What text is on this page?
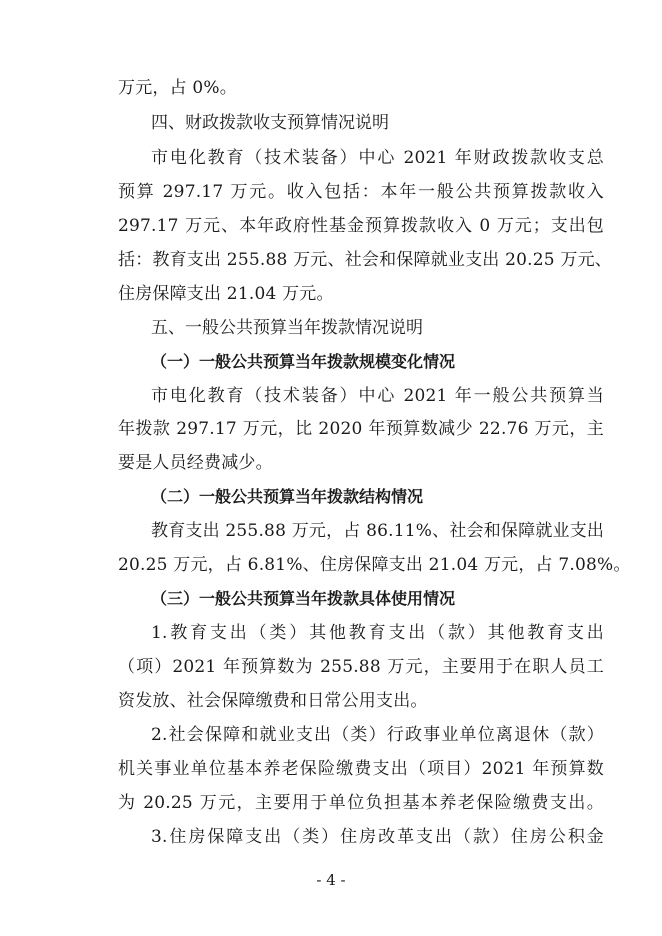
万元，占 0%。
四、财政拨款收支预算情况说明
市电化教育（技术装备）中心 2021 年财政拨款收支总
预算 297.17 万元。收入包括：本年一般公共预算拨款收入
297.17 万元、本年政府性基金预算拨款收入 0 万元；支出包
括：教育支出 255.88 万元、社会和保障就业支出 20.25 万元、
住房保障支出 21.04 万元。
五、一般公共预算当年拨款情况说明
（一）一般公共预算当年拨款规模变化情况
市电化教育（技术装备）中心 2021 年一般公共预算当
年拨款 297.17 万元，比 2020 年预算数减少 22.76 万元，主
要是人员经费减少。
（二）一般公共预算当年拨款结构情况
教育支出 255.88 万元，占 86.11%、社会和保障就业支出
20.25 万元，占 6.81%、住房保障支出 21.04 万元，占 7.08%。
（三）一般公共预算当年拨款具体使用情况
1.教育支出（类）其他教育支出（款）其他教育支出
（项）2021 年预算数为 255.88 万元，主要用于在职人员工
资发放、社会保障缴费和日常公用支出。
2.社会保障和就业支出（类）行政事业单位离退休（款）
机关事业单位基本养老保险缴费支出（项目）2021 年预算数
为 20.25 万元，主要用于单位负担基本养老保险缴费支出。
3.住房保障支出（类）住房改革支出（款）住房公积金
- 4 -
